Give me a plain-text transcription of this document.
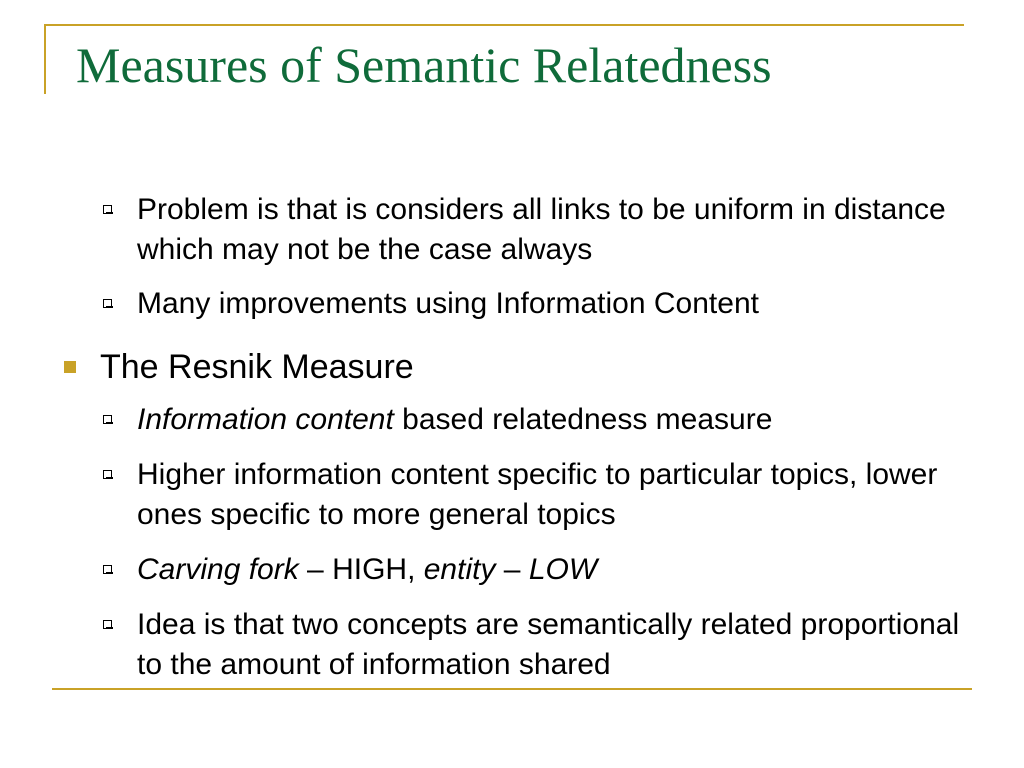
Measures of Semantic Relatedness
Problem is that is considers all links to be uniform in distance which may not be the case always
Many improvements using Information Content
The Resnik Measure
Information content based relatedness measure
Higher information content specific to particular topics, lower ones specific to more general topics
Carving fork – HIGH, entity – LOW
Idea is that two concepts are semantically related proportional to the amount of information shared
